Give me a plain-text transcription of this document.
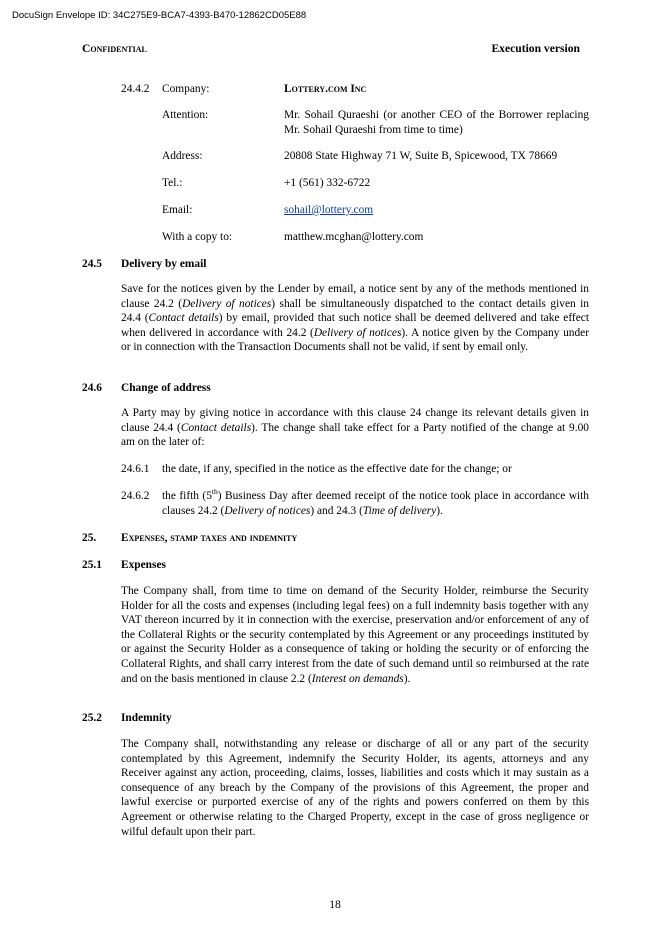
DocuSign Envelope ID: 34C275E9-BCA7-4393-B470-12862CD05E88
Confidential	Execution version
24.4.2 Company:	Lottery.com Inc
Attention:	Mr. Sohail Quraeshi (or another CEO of the Borrower replacing Mr. Sohail Quraeshi from time to time)
Address:	20808 State Highway 71 W, Suite B, Spicewood, TX 78669
Tel.:	+1 (561) 332-6722
Email:	sohail@lottery.com
With a copy to:	matthew.mcghan@lottery.com
24.5 Delivery by email

Save for the notices given by the Lender by email, a notice sent by any of the methods mentioned in clause 24.2 (Delivery of notices) shall be simultaneously dispatched to the contact details given in 24.4 (Contact details) by email, provided that such notice shall be deemed delivered and take effect when delivered in accordance with 24.2 (Delivery of notices). A notice given by the Company under or in connection with the Transaction Documents shall not be valid, if sent by email only.

24.6 Change of address

A Party may by giving notice in accordance with this clause 24 change its relevant details given in clause 24.4 (Contact details). The change shall take effect for a Party notified of the change at 9.00 am on the later of:

24.6.1 the date, if any, specified in the notice as the effective date for the change; or
24.6.2 the fifth (5th) Business Day after deemed receipt of the notice took place in accordance with clauses 24.2 (Delivery of notices) and 24.3 (Time of delivery).

25. Expenses, stamp taxes and indemnity
25.1 Expenses

The Company shall, from time to time on demand of the Security Holder, reimburse the Security Holder for all the costs and expenses (including legal fees) on a full indemnity basis together with any VAT thereon incurred by it in connection with the exercise, preservation and/or enforcement of any of the Collateral Rights or the security contemplated by this Agreement or any proceedings instituted by or against the Security Holder as a consequence of taking or holding the security or of enforcing the Collateral Rights, and shall carry interest from the date of such demand until so reimbursed at the rate and on the basis mentioned in clause 2.2 (Interest on demands).

25.2 Indemnity

The Company shall, notwithstanding any release or discharge of all or any part of the security contemplated by this Agreement, indemnify the Security Holder, its agents, attorneys and any Receiver against any action, proceeding, claims, losses, liabilities and costs which it may sustain as a consequence of any breach by the Company of the provisions of this Agreement, the proper and lawful exercise or purported exercise of any of the rights and powers conferred on them by this Agreement or otherwise relating to the Charged Property, except in the case of gross negligence or wilful default upon their part.

18
